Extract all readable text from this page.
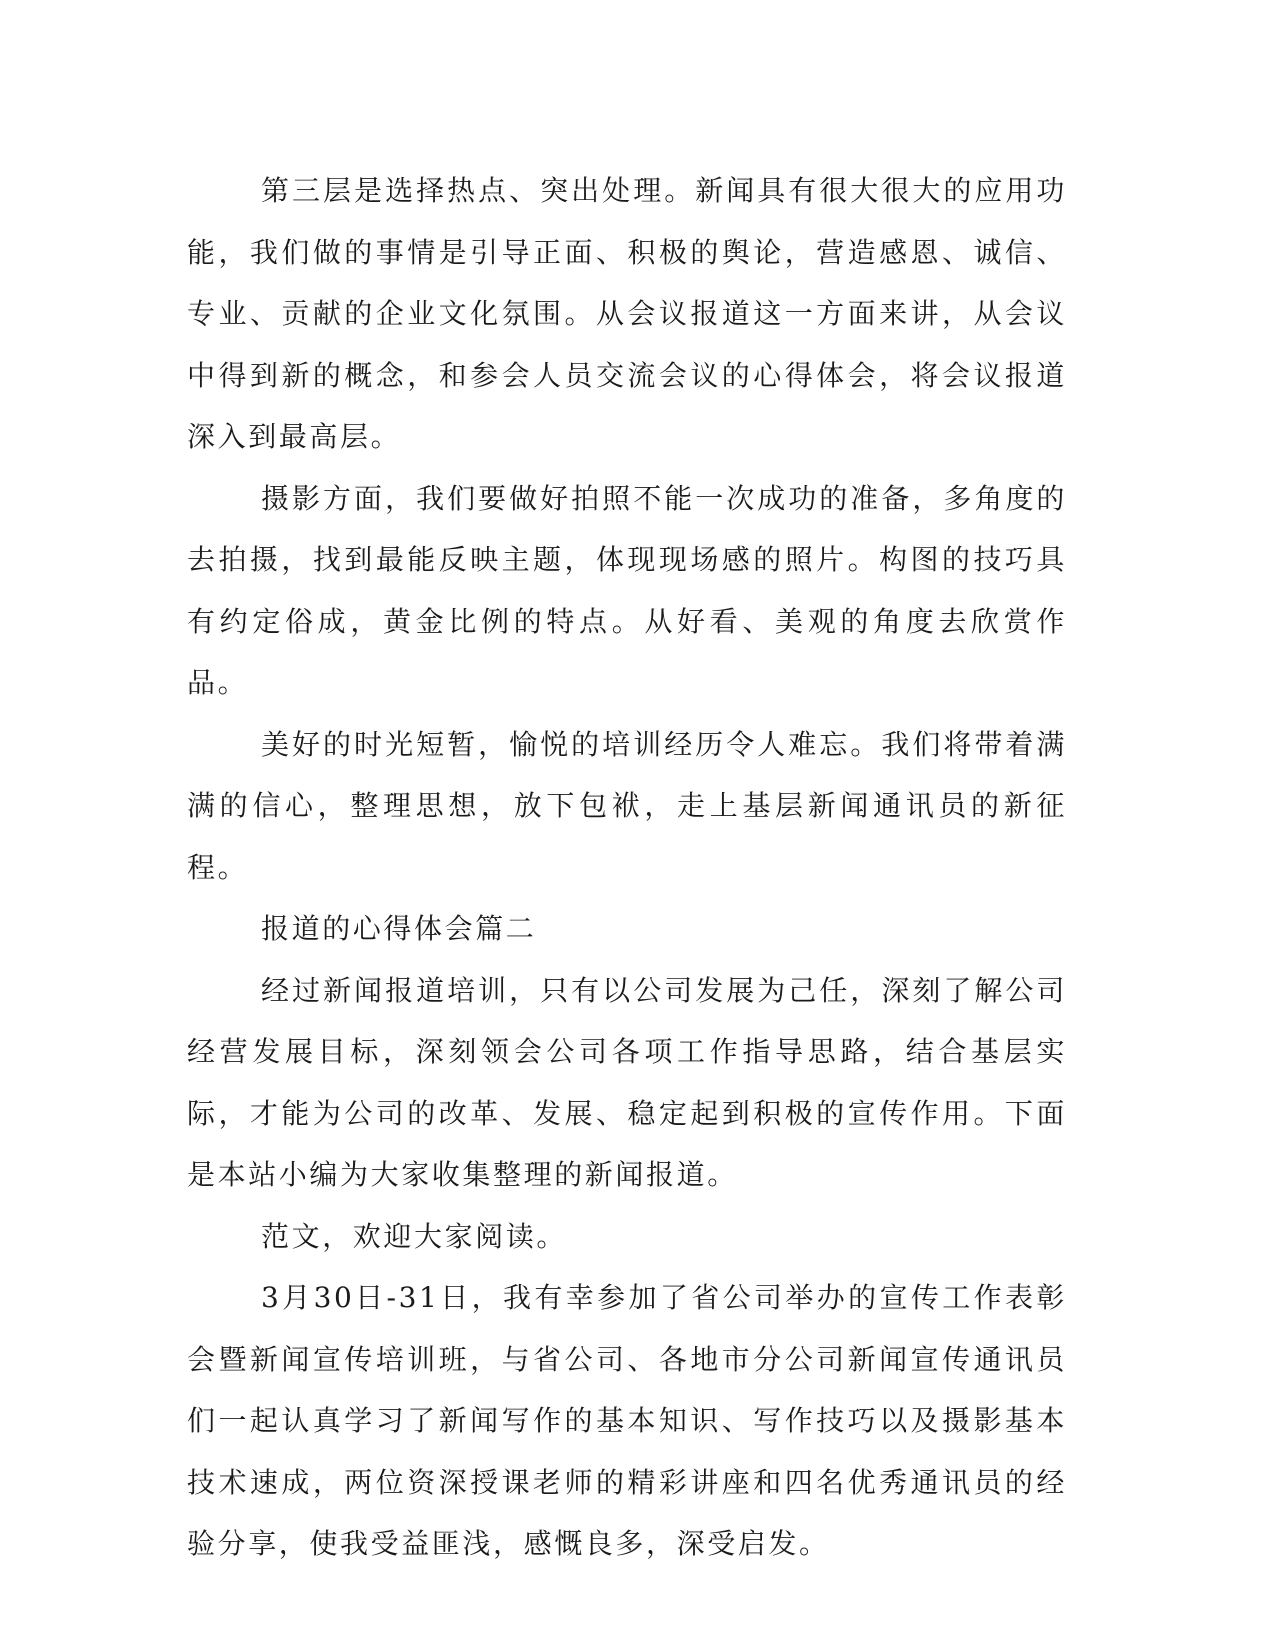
第三层是选择热点、突出处理。新闻具有很大很大的应用功能，我们做的事情是引导正面、积极的舆论，营造感恩、诚信、专业、贡献的企业文化氛围。从会议报道这一方面来讲，从会议中得到新的概念，和参会人员交流会议的心得体会，将会议报道深入到最高层。

摄影方面，我们要做好拍照不能一次成功的准备，多角度的去拍摄，找到最能反映主题，体现现场感的照片。构图的技巧具有约定俗成，黄金比例的特点。从好看、美观的角度去欣赏作品。

美好的时光短暂，愉悦的培训经历令人难忘。我们将带着满满的信心，整理思想，放下包袱，走上基层新闻通讯员的新征程。

报道的心得体会篇二

经过新闻报道培训，只有以公司发展为己任，深刻了解公司经营发展目标，深刻领会公司各项工作指导思路，结合基层实际，才能为公司的改革、发展、稳定起到积极的宣传作用。下面是本站小编为大家收集整理的新闻报道。

范文，欢迎大家阅读。

3月30日-31日，我有幸参加了省公司举办的宣传工作表彰会暨新闻宣传培训班，与省公司、各地市分公司新闻宣传通讯员们一起认真学习了新闻写作的基本知识、写作技巧以及摄影基本技术速成，两位资深授课老师的精彩讲座和四名优秀通讯员的经验分享，使我受益匪浅，感慨良多，深受启发。
